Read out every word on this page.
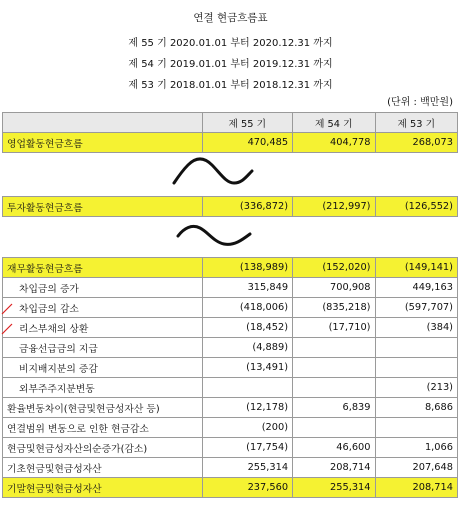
연결 현금흐름표
제 55 기 2020.01.01 부터 2020.12.31 까지
제 54 기 2019.01.01 부터 2019.12.31 까지
제 53 기 2018.01.01 부터 2018.12.31 까지
(단위 : 백만원)
	제 55 기	제 54 기	제 53 기
영업활동현금흐름	470,485	404,778	268,073
투자활동현금흐름	(336,872)	(212,997)	(126,552)
재무활동현금흐름	(138,989)	(152,020)	(149,141)
차입금의 증가	315,849	700,908	449,163
차입금의 감소	(418,006)	(835,218)	(597,707)
리스부채의 상환	(18,452)	(17,710)	(384)
금융선급금의 지급	(4,889)		
비지배지분의 증감	(13,491)		
외부주주지분변동			(213)
환율변동차이(현금및현금성자산 등)	(12,178)	6,839	8,686
연결범위 변동으로 인한 현금감소	(200)		
현금및현금성자산의순증가(감소)	(17,754)	46,600	1,066
기초현금및현금성자산	255,314	208,714	207,648
기말현금및현금성자산	237,560	255,314	208,714
